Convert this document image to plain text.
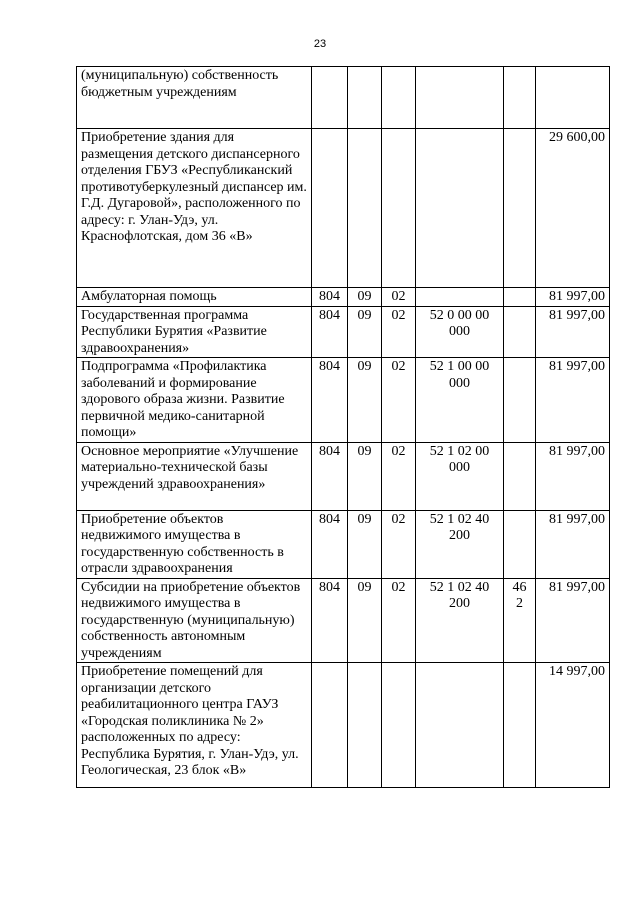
23
(муниципальную) собственность бюджетным учреждениям						
Приобретение здания для размещения детского диспансерного отделения ГБУЗ «Республиканский противотуберкулезный диспансер им. Г.Д. Дугаровой», расположенного по адресу: г. Улан-Удэ, ул. Краснофлотская, дом 36 «В»						29 600,00
Амбулаторная помощь	804	09	02			81 997,00
Государственная программа Республики Бурятия «Развитие здравоохранения»	804	09	02	52 0 00 00000		81 997,00
Подпрограмма «Профилактика заболеваний и формирование здорового образа жизни. Развитие первичной медико-санитарной помощи»	804	09	02	52 1 00 00000		81 997,00
Основное мероприятие «Улучшение материально-технической базы учреждений здравоохранения»	804	09	02	52 1 02 00000		81 997,00
Приобретение объектов недвижимого имущества в государственную собственность в отрасли здравоохранения	804	09	02	52 1 02 40200		81 997,00
Субсидии на приобретение объектов недвижимого имущества в государственную (муниципальную) собственность автономным учреждениям	804	09	02	52 1 02 40200	462	81 997,00
Приобретение помещений для организации детского реабилитационного центра ГАУЗ «Городская поликлиника № 2» расположенных по адресу: Республика Бурятия, г. Улан-Удэ, ул. Геологическая, 23 блок «В»						14 997,00
